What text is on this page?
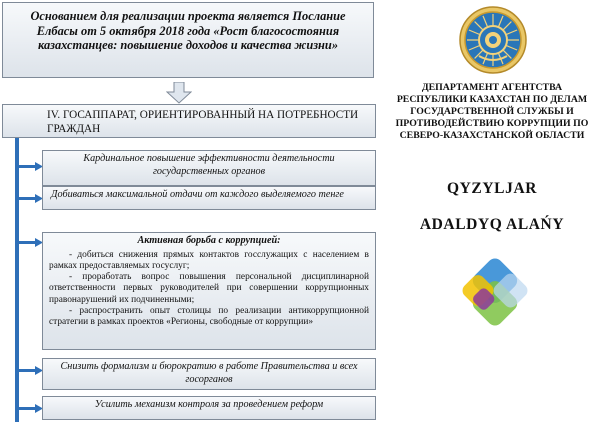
Основанием для реализации проекта является Послание Елбасы от 5 октября 2018 года «Рост благосостояния казахстанцев: повышение доходов и качества жизни»
IV. ГОСАППАРАТ, ОРИЕНТИРОВАННЫЙ НА ПОТРЕБНОСТИ ГРАЖДАН
Кардинальное повышение эффективности деятельности государственных органов
Добиваться максимальной отдачи от каждого выделяемого тенге
Активная борьба с коррупцией:
- добиться снижения прямых контактов госслужащих с населением в рамках предоставляемых госуслуг;
- проработать вопрос повышения персональной дисциплинарной ответственности первых руководителей при совершении коррупционных правонарушений их подчиненными;
- распространить опыт столицы по реализации антикоррупционной стратегии в рамках проектов «Регионы, свободные от коррупции»
Снизить формализм и бюрократию в работе Правительства и всех госорганов
Усилить механизм контроля за проведением реформ
ДЕПАРТАМЕНТ АГЕНТСТВА РЕСПУБЛИКИ КАЗАХСТАН ПО ДЕЛАМ ГОСУДАРСТВЕННОЙ СЛУЖБЫ И ПРОТИВОДЕЙСТВИЮ КОРРУПЦИИ ПО СЕВЕРО-КАЗАХСТАНСКОЙ ОБЛАСТИ
QYZYLJAR
ADALDYQ ALAŃY
